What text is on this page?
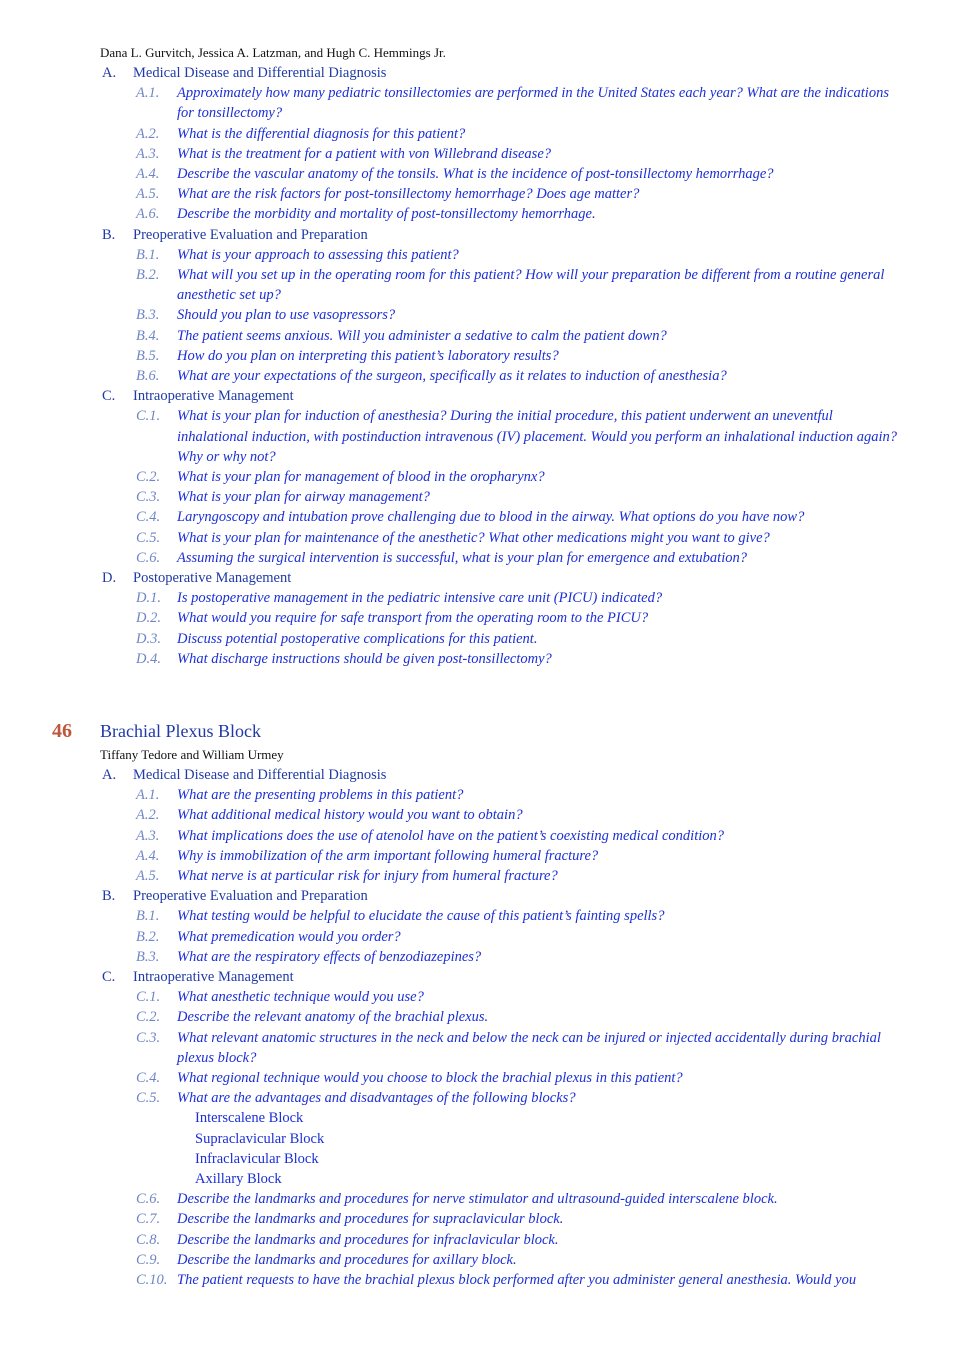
Dana L. Gurvitch, Jessica A. Latzman, and Hugh C. Hemmings Jr.
A.	Medical Disease and Differential Diagnosis
A.1.	Approximately how many pediatric tonsillectomies are performed in the United States each year? What are the indications for tonsillectomy?
A.2.	What is the differential diagnosis for this patient?
A.3.	What is the treatment for a patient with von Willebrand disease?
A.4.	Describe the vascular anatomy of the tonsils. What is the incidence of post-tonsillectomy hemorrhage?
A.5.	What are the risk factors for post-tonsillectomy hemorrhage? Does age matter?
A.6.	Describe the morbidity and mortality of post-tonsillectomy hemorrhage.
B.	Preoperative Evaluation and Preparation
B.1.	What is your approach to assessing this patient?
B.2.	What will you set up in the operating room for this patient? How will your preparation be different from a routine general anesthetic set up?
B.3.	Should you plan to use vasopressors?
B.4.	The patient seems anxious. Will you administer a sedative to calm the patient down?
B.5.	How do you plan on interpreting this patient’s laboratory results?
B.6.	What are your expectations of the surgeon, specifically as it relates to induction of anesthesia?
C.	Intraoperative Management
C.1.	What is your plan for induction of anesthesia? During the initial procedure, this patient underwent an uneventful inhalational induction, with postinduction intravenous (IV) placement. Would you perform an inhalational induction again? Why or why not?
C.2.	What is your plan for management of blood in the oropharynx?
C.3.	What is your plan for airway management?
C.4.	Laryngoscopy and intubation prove challenging due to blood in the airway. What options do you have now?
C.5.	What is your plan for maintenance of the anesthetic? What other medications might you want to give?
C.6.	Assuming the surgical intervention is successful, what is your plan for emergence and extubation?
D.	Postoperative Management
D.1.	Is postoperative management in the pediatric intensive care unit (PICU) indicated?
D.2.	What would you require for safe transport from the operating room to the PICU?
D.3.	Discuss potential postoperative complications for this patient.
D.4.	What discharge instructions should be given post-tonsillectomy?
46	Brachial Plexus Block
Tiffany Tedore and William Urmey
A.	Medical Disease and Differential Diagnosis
A.1.	What are the presenting problems in this patient?
A.2.	What additional medical history would you want to obtain?
A.3.	What implications does the use of atenolol have on the patient’s coexisting medical condition?
A.4.	Why is immobilization of the arm important following humeral fracture?
A.5.	What nerve is at particular risk for injury from humeral fracture?
B.	Preoperative Evaluation and Preparation
B.1.	What testing would be helpful to elucidate the cause of this patient’s fainting spells?
B.2.	What premedication would you order?
B.3.	What are the respiratory effects of benzodiazepines?
C.	Intraoperative Management
C.1.	What anesthetic technique would you use?
C.2.	Describe the relevant anatomy of the brachial plexus.
C.3.	What relevant anatomic structures in the neck and below the neck can be injured or injected accidentally during brachial plexus block?
C.4.	What regional technique would you choose to block the brachial plexus in this patient?
C.5.	What are the advantages and disadvantages of the following blocks?
Interscalene Block
Supraclavicular Block
Infraclavicular Block
Axillary Block
C.6.	Describe the landmarks and procedures for nerve stimulator and ultrasound-guided interscalene block.
C.7.	Describe the landmarks and procedures for supraclavicular block.
C.8.	Describe the landmarks and procedures for infraclavicular block.
C.9.	Describe the landmarks and procedures for axillary block.
C.10. The patient requests to have the brachial plexus block performed after you administer general anesthesia. Would you
